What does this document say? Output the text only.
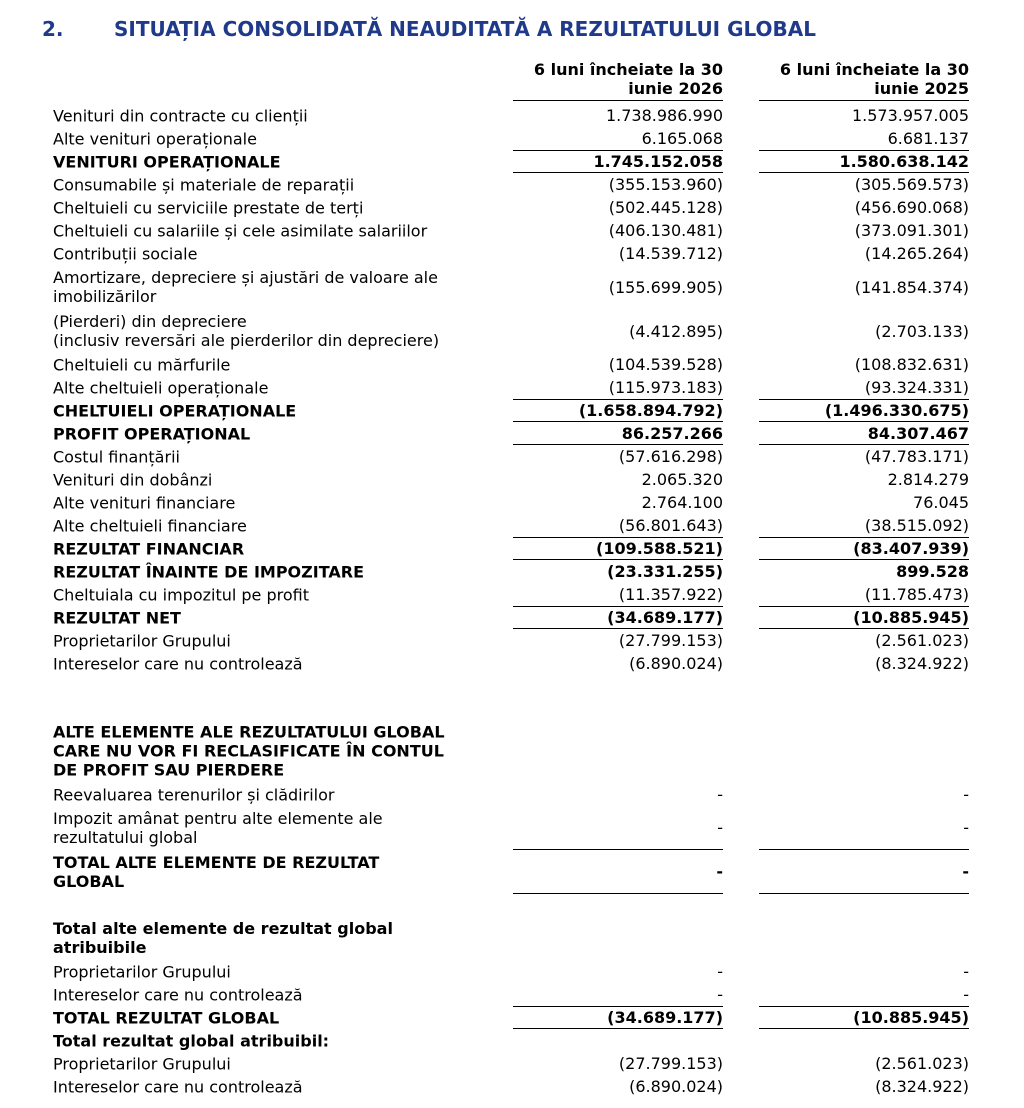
2.	SITUAȚIA CONSOLIDATĂ NEAUDITATĂ A REZULTATULUI GLOBAL
6 luni încheiate la 30
iunie 2026
6 luni încheiate la 30
iunie 2025
Venituri din contracte cu clienții	1.738.986.990	1.573.957.005
Alte venituri operaționale	6.165.068	6.681.137
VENITURI OPERAȚIONALE	1.745.152.058	1.580.638.142
Consumabile și materiale de reparații	(355.153.960)	(305.569.573)
Cheltuieli cu serviciile prestate de terți	(502.445.128)	(456.690.068)
Cheltuieli cu salariile și cele asimilate salariilor	(406.130.481)	(373.091.301)
Contribuții sociale	(14.539.712)	(14.265.264)
Amortizare, depreciere și ajustări de valoare ale
imobilizărilor	(155.699.905)	(141.854.374)
(Pierderi) din depreciere
(inclusiv reversări ale pierderilor din depreciere)	(4.412.895)	(2.703.133)
Cheltuieli cu mărfurile	(104.539.528)	(108.832.631)
Alte cheltuieli operaționale	(115.973.183)	(93.324.331)
CHELTUIELI OPERAȚIONALE	(1.658.894.792)	(1.496.330.675)
PROFIT OPERAȚIONAL	86.257.266	84.307.467
Costul finanțării	(57.616.298)	(47.783.171)
Venituri din dobânzi	2.065.320	2.814.279
Alte venituri financiare	2.764.100	76.045
Alte cheltuieli financiare	(56.801.643)	(38.515.092)
REZULTAT FINANCIAR	(109.588.521)	(83.407.939)
REZULTAT ÎNAINTE DE IMPOZITARE	(23.331.255)	899.528
Cheltuiala cu impozitul pe profit	(11.357.922)	(11.785.473)
REZULTAT NET	(34.689.177)	(10.885.945)
Proprietarilor Grupului	(27.799.153)	(2.561.023)
Intereselor care nu controlează	(6.890.024)	(8.324.922)
ALTE ELEMENTE ALE REZULTATULUI GLOBAL
CARE NU VOR FI RECLASIFICATE ÎN CONTUL
DE PROFIT SAU PIERDERE
Reevaluarea terenurilor și clădirilor	-	-
Impozit amânat pentru alte elemente ale
rezultatului global
-	-
TOTAL ALTE ELEMENTE DE REZULTAT
GLOBAL
-	-
Total alte elemente de rezultat global
atribuibile
Proprietarilor Grupului	-	-
Intereselor care nu controlează	-	-
TOTAL REZULTAT GLOBAL	(34.689.177)	(10.885.945)
Total rezultat global atribuibil:
Proprietarilor Grupului	(27.799.153)	(2.561.023)
Intereselor care nu controlează	(6.890.024)	(8.324.922)
